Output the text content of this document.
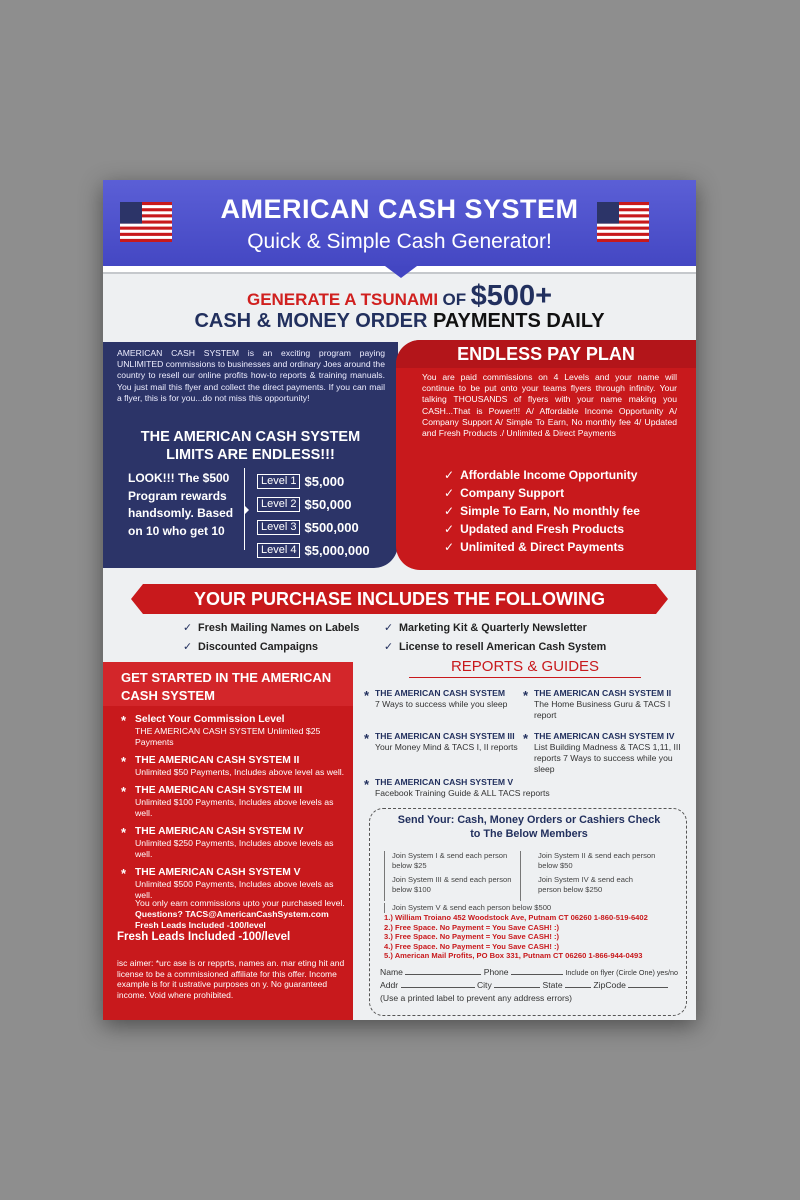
AMERICAN CASH SYSTEM
Quick & Simple Cash Generator!
GENERATE A TSUNAMI OF $500+
CASH & MONEY ORDER PAYMENTS DAILY
AMERICAN CASH SYSTEM is an exciting program paying UNLIMITED commissions to businesses and ordinary Joes around the country to resell our online profits how-to reports & training manuals. You just mail this flyer and collect the direct payments. If you can mail a flyer, this is for you...do not miss this opportunity!
THE AMERICAN CASH SYSTEM
LIMITS ARE ENDLESS!!!
LOOK!!! The $500 Program rewards handsomly. Based on 10 who get 10
Level 1 $5,000
Level 2 $50,000
Level 3 $500,000
Level 4 $5,000,000
ENDLESS PAY PLAN
You are paid commissions on 4 Levels and your name will continue to be put onto your teams flyers through infinity. Your talking THOUSANDS of flyers with your name making you CASH...That is Power!!! A/ Affordable Income Opportunity A/ Company Support A/ Simple To Earn, No monthly fee 4/ Updated and Fresh Products ./ Unlimited & Direct Payments
✓ Affordable Income Opportunity
✓ Company Support
✓ Simple To Earn, No monthly fee
✓ Updated and Fresh Products
✓ Unlimited & Direct Payments
YOUR PURCHASE INCLUDES THE FOLLOWING
✓ Fresh Mailing Names on Labels
✓ Discounted Campaigns
✓ Marketing Kit & Quarterly Newsletter
✓ License to resell American Cash System
GET STARTED IN THE AMERICAN CASH SYSTEM
* Select Your Commission Level
THE AMERICAN CASH SYSTEM Unlimited $25 Payments
* THE AMERICAN CASH SYSTEM II
Unlimited $50 Payments, Includes above level as well.
* THE AMERICAN CASH SYSTEM III
Unlimited $100 Payments, Includes above levels as well.
* THE AMERICAN CASH SYSTEM IV
Unlimited $250 Payments, Includes above levels as well.
* THE AMERICAN CASH SYSTEM V
Unlimited $500 Payments, Includes above levels as well.
You only earn commissions upto your purchased level.
Questions? TACS@AmericanCashSystem.com
Fresh Leads Included -100/level
Fresh Leads Included -100/level
isc aimer: *urc ase is or repprts, names an. mar eting hit and license to be a commissioned affiliate for this offer. Income example is for it ustrative purposes on y. No guaranteed income. Void where prohibited.
REPORTS & GUIDES
* THE AMERICAN CASH SYSTEM
7 Ways to success while you sleep
* THE AMERICAN CASH SYSTEM II
The Home Business Guru & TACS I report
* THE AMERICAN CASH SYSTEM III
Your Money Mind & TACS I, II reports
* THE AMERICAN CASH SYSTEM IV
List Building Madness & TACS 1,11, III reports 7 Ways to success while you sleep
* THE AMERICAN CASH SYSTEM V
Facebook Training Guide & ALL TACS reports
Send Your: Cash, Money Orders or Cashiers Check
to The Below Members
Join System I & send each person below $25
Join System II & send each person below $50
Join System III & send each person below $100
Join System IV & send each person below $250
Join System V & send each person below $500
1.) William Troiano 452 Woodstock Ave, Putnam CT 06260 1-860-519-6402
2.) Free Space. No Payment = You Save CASH! :)
3.) Free Space. No Payment = You Save CASH! :)
4.) Free Space. No Payment = You Save CASH! :)
5.) American Mail Profits, PO Box 331, Putnam CT 06260 1-866-944-0493
Name	Phone	Include on flyer (Circle One) yes/no
Addr	City	State	ZipCode
(Use a printed label to prevent any address errors)
